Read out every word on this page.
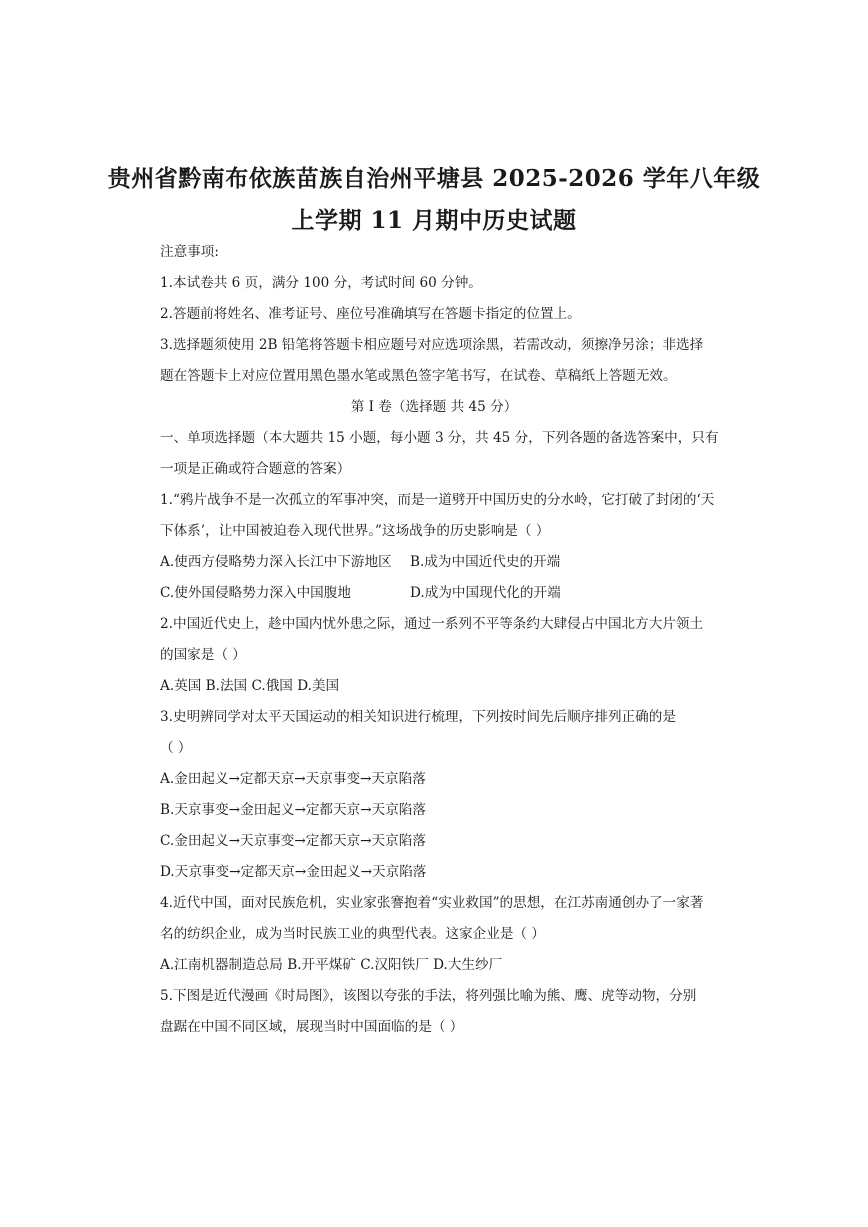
贵州省黔南布依族苗族自治州平塘县 2025-2026 学年八年级
上学期 11 月期中历史试题
注意事项:
1.本试卷共 6 页，满分 100 分，考试时间 60 分钟。
2.答题前将姓名、准考证号、座位号准确填写在答题卡指定的位置上。
3.选择题须使用 2B 铅笔将答题卡相应题号对应选项涂黑，若需改动，须擦净另涂；非选择
题在答题卡上对应位置用黑色墨水笔或黑色签字笔书写，在试卷、草稿纸上答题无效。
第 I 卷（选择题 共 45 分）
一、单项选择题（本大题共 15 小题，每小题 3 分，共 45 分，下列各题的备选答案中，只有
一项是正确或符合题意的答案）
1.“鸦片战争不是一次孤立的军事冲突，而是一道劈开中国历史的分水岭，它打破了封闭的‘天
下体系’，让中国被迫卷入现代世界。”这场战争的历史影响是（ ）
A.使西方侵略势力深入长江中下游地区 B.成为中国近代史的开端
C.使外国侵略势力深入中国腹地	D.成为中国现代化的开端
2.中国近代史上，趁中国内忧外患之际，通过一系列不平等条约大肆侵占中国北方大片领土
的国家是（ ）
A.英国 B.法国 C.俄国 D.美国
3.史明辨同学对太平天国运动的相关知识进行梳理，下列按时间先后顺序排列正确的是
（ ）
A.金田起义→定都天京→天京事变→天京陷落
B.天京事变→金田起义→定都天京→天京陷落
C.金田起义→天京事变→定都天京→天京陷落
D.天京事变→定都天京→金田起义→天京陷落
4.近代中国，面对民族危机，实业家张謇抱着“实业救国”的思想，在江苏南通创办了一家著
名的纺织企业，成为当时民族工业的典型代表。这家企业是（ ）
A.江南机器制造总局 B.开平煤矿 C.汉阳铁厂 D.大生纱厂
5.下图是近代漫画《时局图》，该图以夸张的手法，将列强比喻为熊、鹰、虎等动物，分别
盘踞在中国不同区域，展现当时中国面临的是（ ）
